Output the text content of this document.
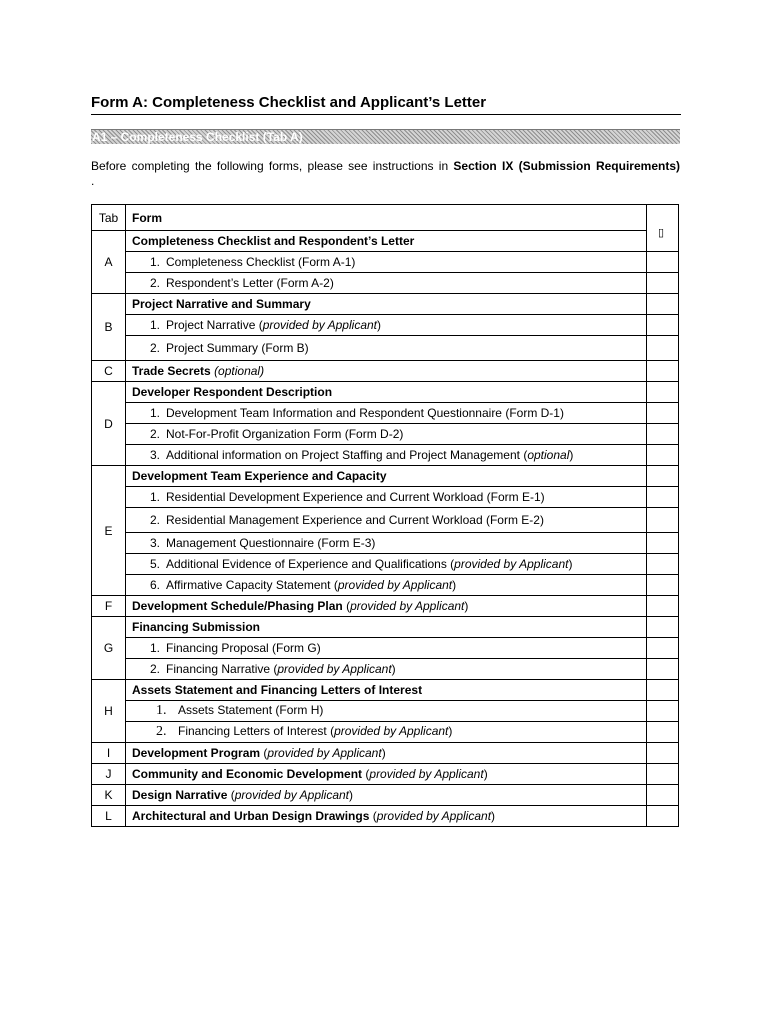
Form A: Completeness Checklist and Applicant’s Letter
A1 – Completeness Checklist (Tab A)
Before completing the following forms, please see instructions in Section IX (Submission Requirements)
.
Tab	Form	▯

A	Completeness Checklist and Respondent’s Letter	
	1. Completeness Checklist (Form A-1)	
	2. Respondent’s Letter (Form A-2)	
B	Project Narrative and Summary	
	1. Project Narrative (provided by Applicant)	
	2. Project Summary (Form B)	
C	Trade Secrets (optional)	
D	Developer Respondent Description	
	1. Development Team Information and Respondent Questionnaire (Form D-1)	
	2. Not-For-Profit Organization Form (Form D-2)	
	3. Additional information on Project Staffing and Project Management (optional)	
E	Development Team Experience and Capacity	
	1. Residential Development Experience and Current Workload (Form E-1)	
	2. Residential Management Experience and Current Workload (Form E-2)	
	3. Management Questionnaire (Form E-3)	
	5. Additional Evidence of Experience and Qualifications (provided by Applicant)	
	6. Affirmative Capacity Statement (provided by Applicant)	
F	Development Schedule/Phasing Plan (provided by Applicant)	
G	Financing Submission	
	1. Financing Proposal (Form G)	
	2. Financing Narrative (provided by Applicant)	
H	Assets Statement and Financing Letters of Interest	
	1. Assets Statement (Form H)	
	2. Financing Letters of Interest (provided by Applicant)	
I	Development Program (provided by Applicant)	
J	Community and Economic Development (provided by Applicant)	
K	Design Narrative (provided by Applicant)	
L	Architectural and Urban Design Drawings (provided by Applicant)	
